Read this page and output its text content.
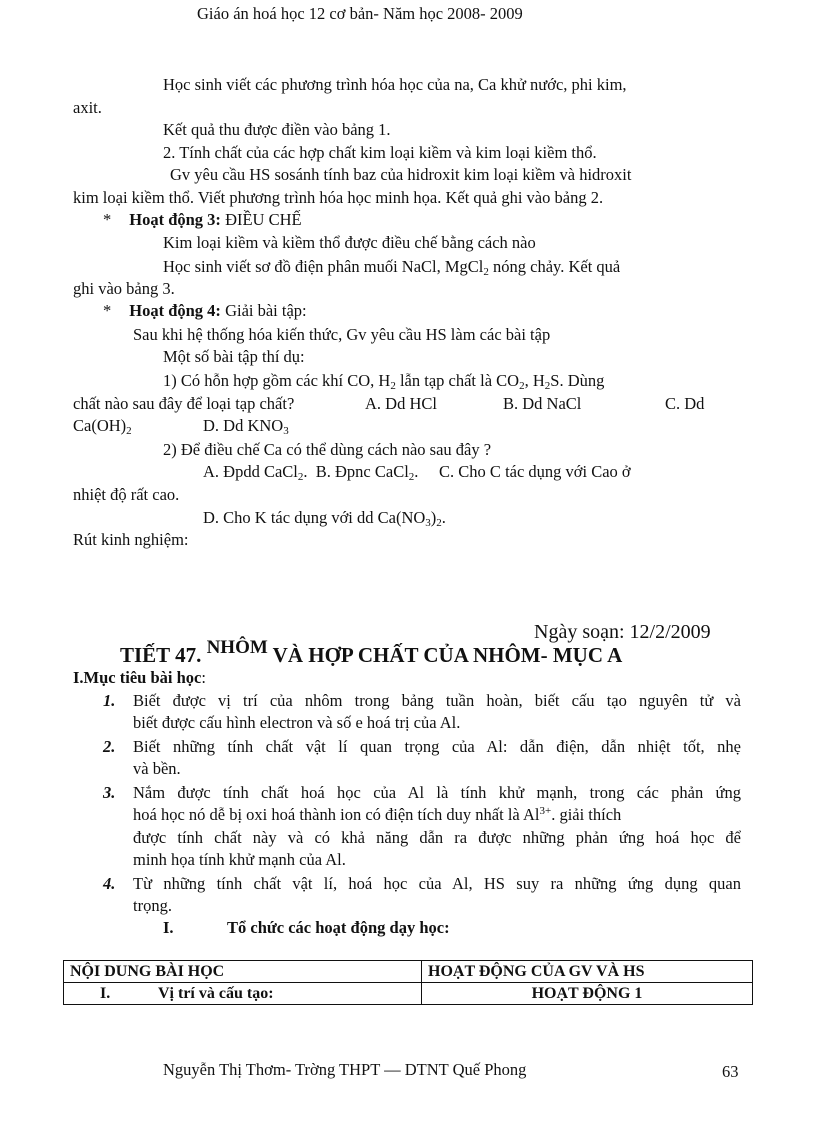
Giáo án hoá học 12 cơ bản- Năm học 2008- 2009
Học sinh viết các phương trình hóa học của na, Ca khử nước, phi kim,
axit.
Kết quả thu được điền vào bảng 1.
2. Tính chất của các hợp chất kim loại kiềm và kim loại kiềm thổ.
Gv yêu cầu HS sosánh tính baz của hidroxit kim loại kiềm và hidroxit
kim loại kiềm thổ. Viết phương trình hóa học minh họa. Kết quả ghi vào bảng 2.
* Hoạt động 3: ĐIỀU CHẾ
Kim loại kiềm và kiềm thổ được điều chế bằng cách nào
Học sinh viết sơ đồ điện phân muối NaCl, MgCl$_2$ nóng chảy. Kết quả
ghi vào bảng 3.
* Hoạt động 4: Giải bài tập:
Sau khi hệ thống hóa kiến thức, Gv yêu cầu HS làm các bài tập
Một số bài tập thí dụ:
1) Có hỗn hợp gồm các khí CO, $H_2$ lẫn tạp chất là $CO_2$, $H_2S$. Dùng
chất nào sau đây để loại tạp chất?	A. Dd HCl	B. Dd NaCl	C. Dd
$Ca(OH)_2$	D. Dd $KNO_3$
2) Để điều chế Ca có thể dùng cách nào sau đây ?
A. Đpdd CaCl$_2$.  B. Đpnc CaCl$_2$.     C. Cho C tác dụng với Cao ở
nhiệt độ rất cao.
D. Cho K tác dụng với dd $Ca(NO_3)_2$.
Rút kinh nghiệm:
Ngày soạn: 12/2/2009
TIẾT 47. NHÔM VÀ HỢP CHẤT CỦA NHÔM- MỤC A
I.Mục tiêu bài học:
1. Biết được vị trí của nhôm trong bảng tuần hoàn, biết cấu tạo nguyên tử và
biết được cấu hình electron và số e hoá trị của Al.
2. Biết những tính chất vật lí quan trọng của Al: dẫn điện, dẫn nhiệt tốt, nhẹ
và bền.
3. Nắm được tính chất hoá học của Al là tính khử mạnh, trong các phản ứng
hoá học nó dễ bị oxi hoá thành ion có điện tích duy nhất là $Al^{3+}$. giải thích
được tính chất này và có khả năng dẫn ra được những phản ứng hoá học để
minh họa tính khử mạnh của Al.
4. Từ những tính chất vật lí, hoá học của Al, HS suy ra những ứng dụng quan
trọng.
I.	Tổ chức các hoạt động dạy học:
NỘI DUNG BÀI HỌC	HOẠT ĐỘNG CỦA GV VÀ HS
I. Vị trí và cấu tạo:	HOẠT ĐỘNG 1
Nguyễn Thị Thơm- Trờng THPT — DTNT Quế Phong	63
